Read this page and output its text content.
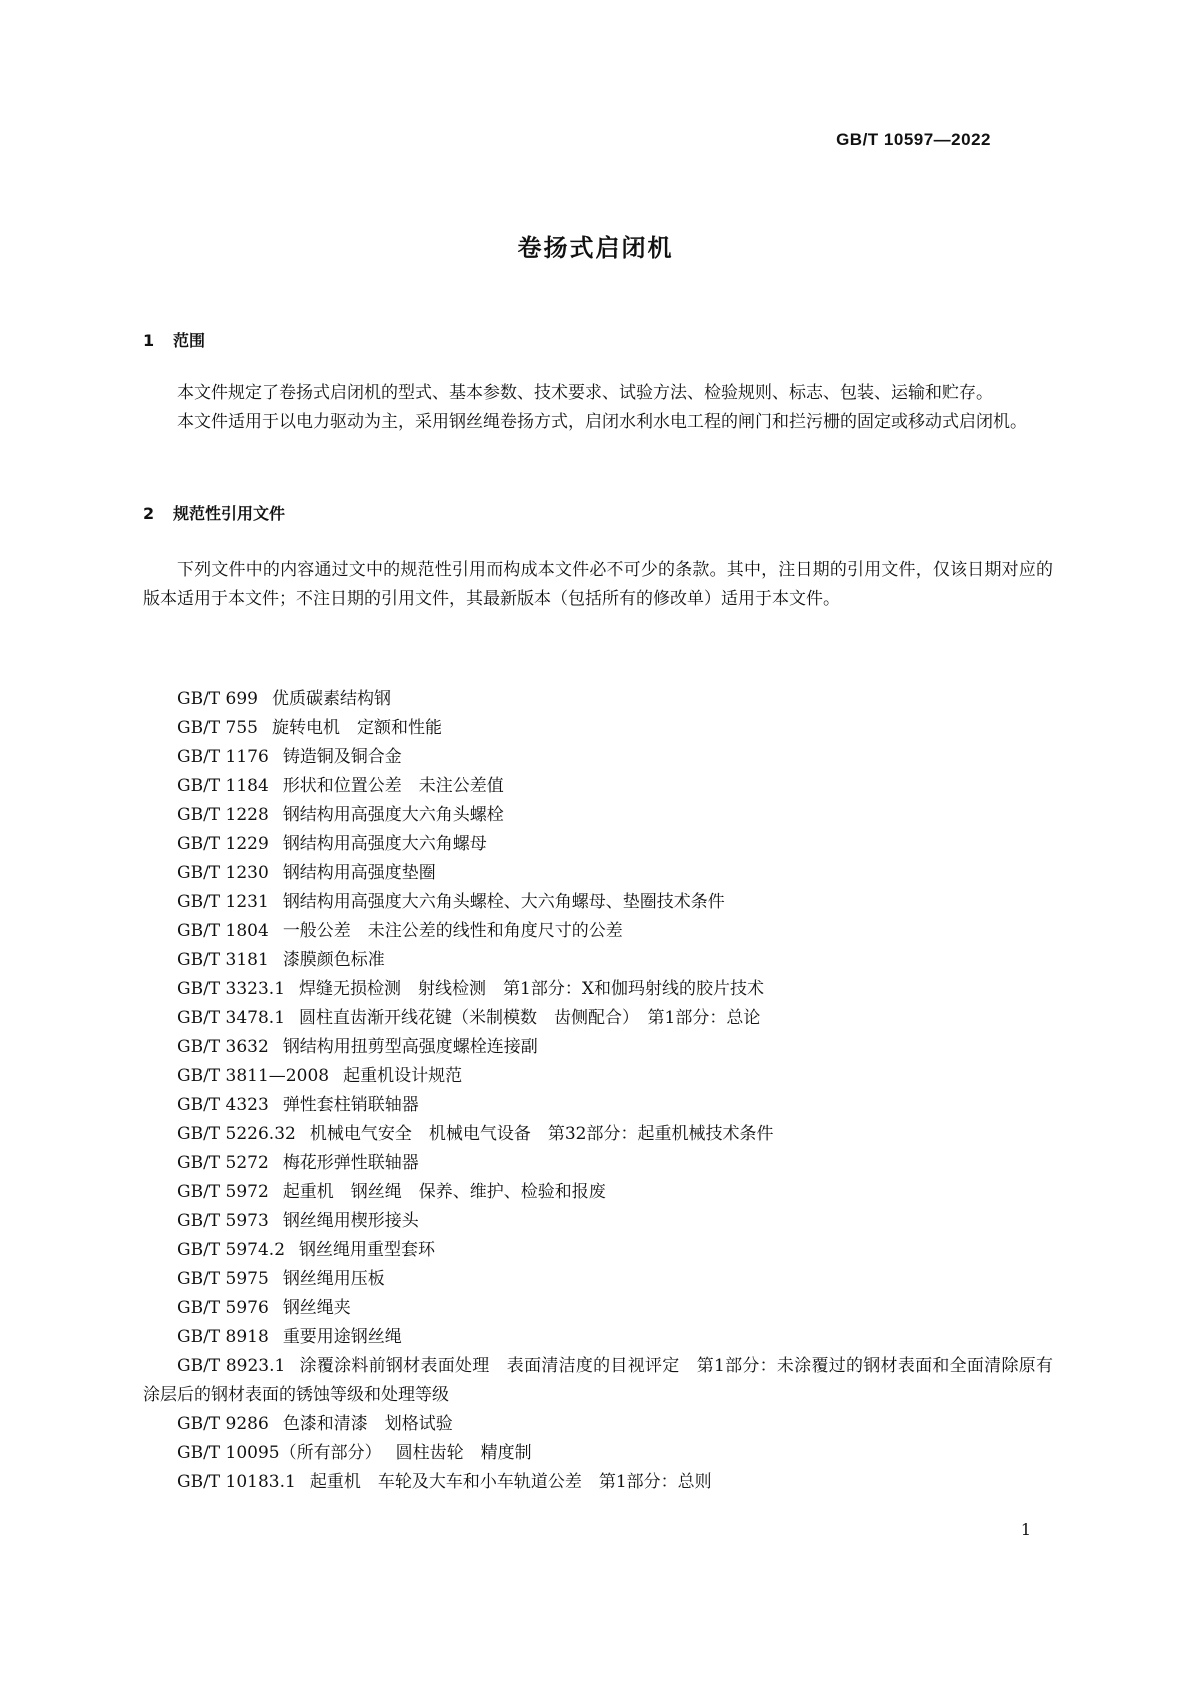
GB/T 10597—2022
卷扬式启闭机
1 范围

本文件规定了卷扬式启闭机的型式、基本参数、技术要求、试验方法、检验规则、标志、包装、运输和贮存。

本文件适用于以电力驱动为主，采用钢丝绳卷扬方式，启闭水利水电工程的闸门和拦污栅的固定或移动式启闭机。

2 规范性引用文件

下列文件中的内容通过文中的规范性引用而构成本文件必不可少的条款。其中，注日期的引用文件，仅该日期对应的版本适用于本文件；不注日期的引用文件，其最新版本（包括所有的修改单）适用于本文件。

GB/T 699 优质碳素结构钢
GB/T 755 旋转电机　定额和性能
GB/T 1176 铸造铜及铜合金
GB/T 1184 形状和位置公差　未注公差值
GB/T 1228 钢结构用高强度大六角头螺栓
GB/T 1229 钢结构用高强度大六角螺母
GB/T 1230 钢结构用高强度垫圈
GB/T 1231 钢结构用高强度大六角头螺栓、大六角螺母、垫圈技术条件
GB/T 1804 一般公差　未注公差的线性和角度尺寸的公差
GB/T 3181 漆膜颜色标准
GB/T 3323.1 焊缝无损检测　射线检测　第1部分：X和伽玛射线的胶片技术
GB/T 3478.1 圆柱直齿渐开线花键（米制模数　齿侧配合）　第1部分：总论
GB/T 3632 钢结构用扭剪型高强度螺栓连接副
GB/T 3811—2008 起重机设计规范
GB/T 4323 弹性套柱销联轴器
GB/T 5226.32 机械电气安全　机械电气设备　第32部分：起重机械技术条件
GB/T 5272 梅花形弹性联轴器
GB/T 5972 起重机　钢丝绳　保养、维护、检验和报废
GB/T 5973 钢丝绳用楔形接头
GB/T 5974.2 钢丝绳用重型套环
GB/T 5975 钢丝绳用压板
GB/T 5976 钢丝绳夹
GB/T 8918 重要用途钢丝绳
GB/T 8923.1 涂覆涂料前钢材表面处理　表面清洁度的目视评定　第1部分：未涂覆过的钢材表面和全面清除原有涂层后的钢材表面的锈蚀等级和处理等级
GB/T 9286 色漆和清漆　划格试验
GB/T 10095（所有部分） 圆柱齿轮　精度制
GB/T 10183.1 起重机　车轮及大车和小车轨道公差　第1部分：总则
1
